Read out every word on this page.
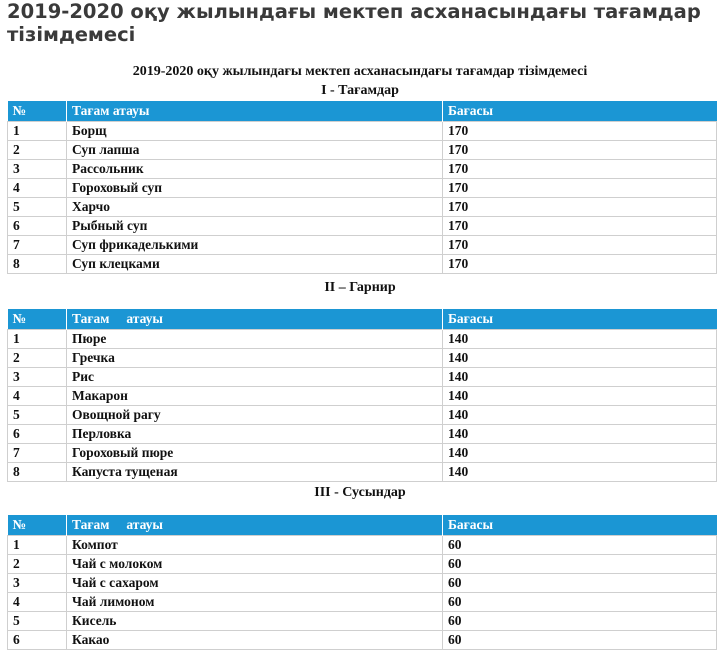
2019-2020 оқу жылындағы мектеп асханасындағы тағамдар тізімдемесі
2019-2020 оқу жылындағы мектеп асханасындағы тағамдар тізімдемесі
I - Тағамдар
№	Тағам атауы	Бағасы
1	Борщ	170
2	Суп лапша	170
3	Рассольник	170
4	Гороховый суп	170
5	Харчо	170
6	Рыбный суп	170
7	Суп фрикаделькими	170
8	Суп клецками	170
II – Гарнир
№	Тағам     атауы	Бағасы
1	Пюре	140
2	Гречка	140
3	Рис	140
4	Макарон	140
5	Овощной рагу	140
6	Перловка	140
7	Гороховый пюре	140
8	Капуста тущеная	140
III - Сусындар
№	Тағам     атауы	Бағасы
1	Компот	60
2	Чай с молоком	60
3	Чай с сахаром	60
4	Чай лимоном	60
5	Кисель	60
6	Какао	60
